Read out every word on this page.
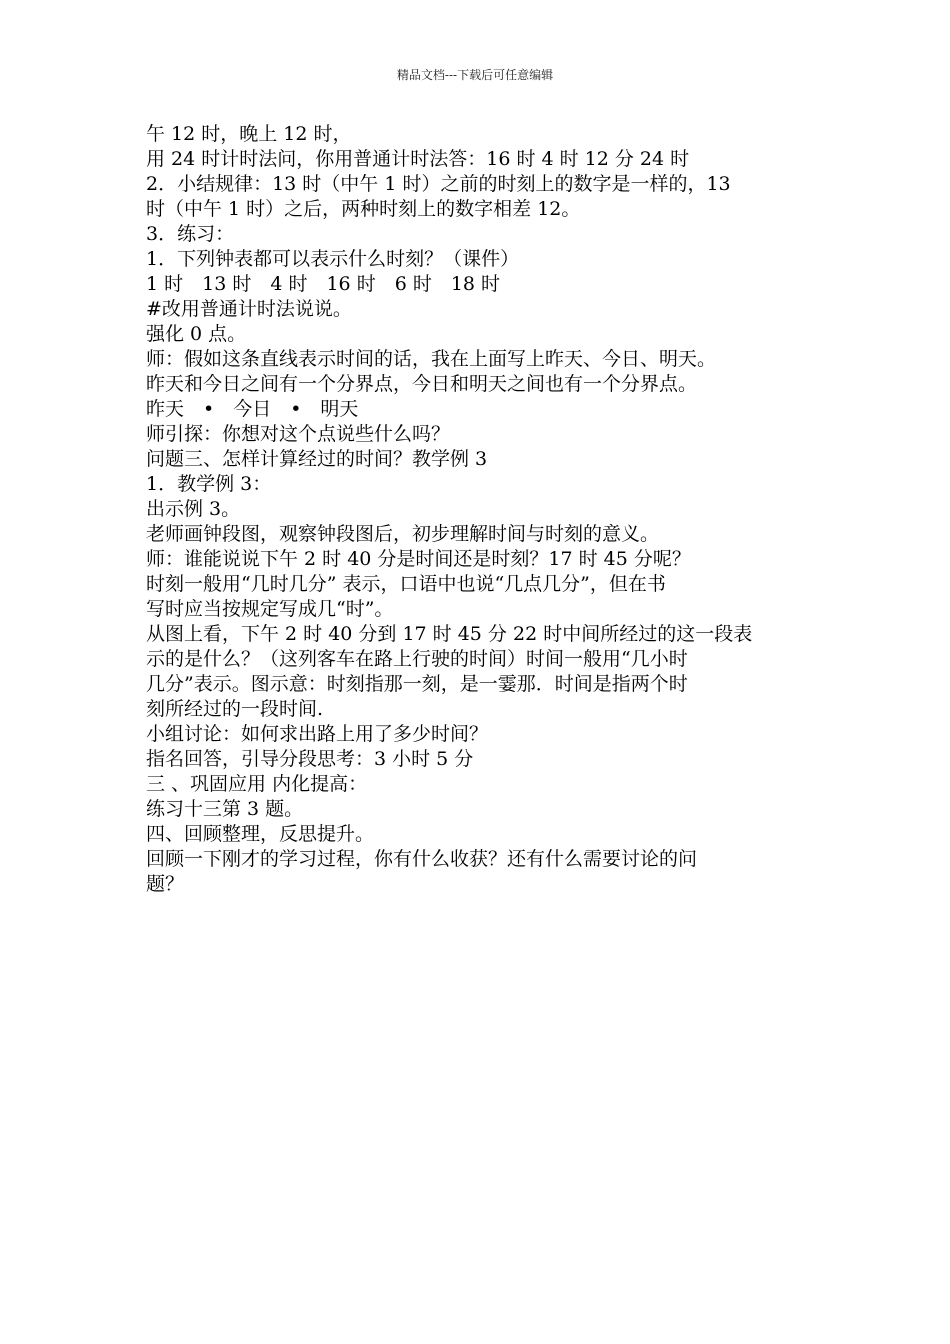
精品文档---下载后可任意编辑
午 12 时，晚上 12 时，
用 24 时计时法问，你用普通计时法答：16 时 4 时 12 分 24 时
2．小结规律：13 时（中午 1 时）之前的时刻上的数字是一样的，13
时（中午 1 时）之后，两种时刻上的数字相差 12。
3．练习：
1．下列钟表都可以表示什么时刻？（课件）
1 时　13 时　4 时　16 时　6 时　18 时
#改用普通计时法说说。
强化 0 点。
师：假如这条直线表示时间的话，我在上面写上昨天、今日、明天。
昨天和今日之间有一个分界点，今日和明天之间也有一个分界点。
昨天　•　今日　•　明天
师引探：你想对这个点说些什么吗？
问题三、怎样计算经过的时间？教学例 3
1．教学例 3：
出示例 3。
老师画钟段图，观察钟段图后，初步理解时间与时刻的意义。
师：谁能说说下午 2 时 40 分是时间还是时刻？17 时 45 分呢？
时刻一般用“几时几分” 表示，口语中也说“几点几分”，但在书
写时应当按规定写成几“时”。
从图上看，下午 2 时 40 分到 17 时 45 分 22 时中间所经过的这一段表
示的是什么？（这列客车在路上行驶的时间）时间一般用“几小时
几分”表示。图示意：时刻指那一刻，是一霎那．时间是指两个时
刻所经过的一段时间.
小组讨论：如何求出路上用了多少时间？
指名回答，引导分段思考：3 小时 5 分
三 、巩固应用 内化提高：
练习十三第 3 题。
四、回顾整理，反思提升。
回顾一下刚才的学习过程，你有什么收获？还有什么需要讨论的问
题？
